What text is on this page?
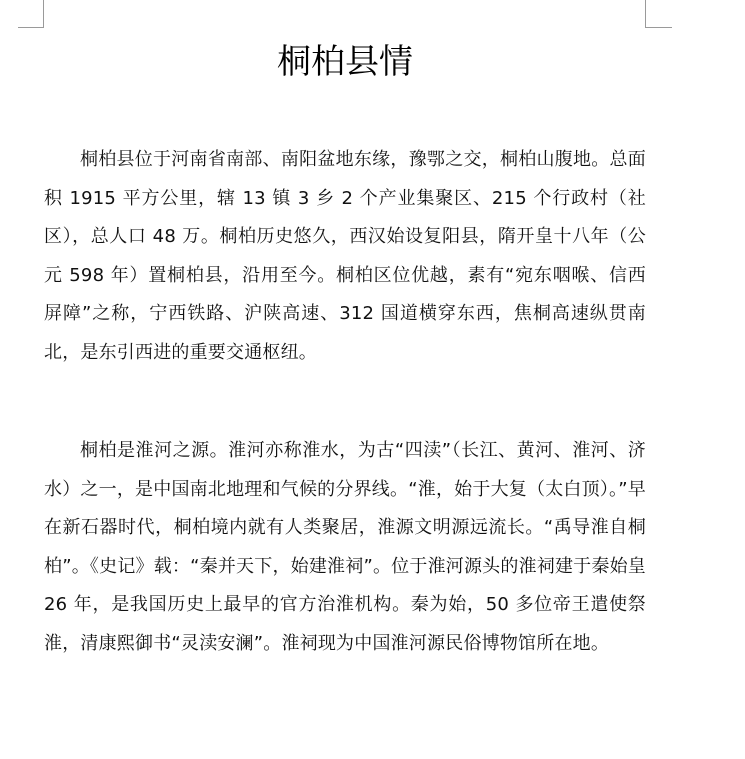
桐柏县情
桐柏县位于河南省南部、南阳盆地东缘，豫鄂之交，桐柏山腹地。总面积 1915 平方公里，辖 13 镇 3 乡 2 个产业集聚区、215 个行政村（社区），总人口 48 万。桐柏历史悠久，西汉始设复阳县，隋开皇十八年（公元 598 年）置桐柏县，沿用至今。桐柏区位优越，素有“宛东咽喉、信西屏障”之称，宁西铁路、沪陕高速、312 国道横穿东西，焦桐高速纵贯南北，是东引西进的重要交通枢纽。
桐柏是淮河之源。淮河亦称淮水，为古“四渎”（长江、黄河、淮河、济水）之一，是中国南北地理和气候的分界线。“淮，始于大复（太白顶）。”早在新石器时代，桐柏境内就有人类聚居，淮源文明源远流长。“禹导淮自桐柏”。《史记》载：“秦并天下，始建淮祠”。位于淮河源头的淮祠建于秦始皇 26 年，是我国历史上最早的官方治淮机构。秦为始，50 多位帝王遣使祭淮，清康熙御书“灵渎安澜”。淮祠现为中国淮河源民俗博物馆所在地。
